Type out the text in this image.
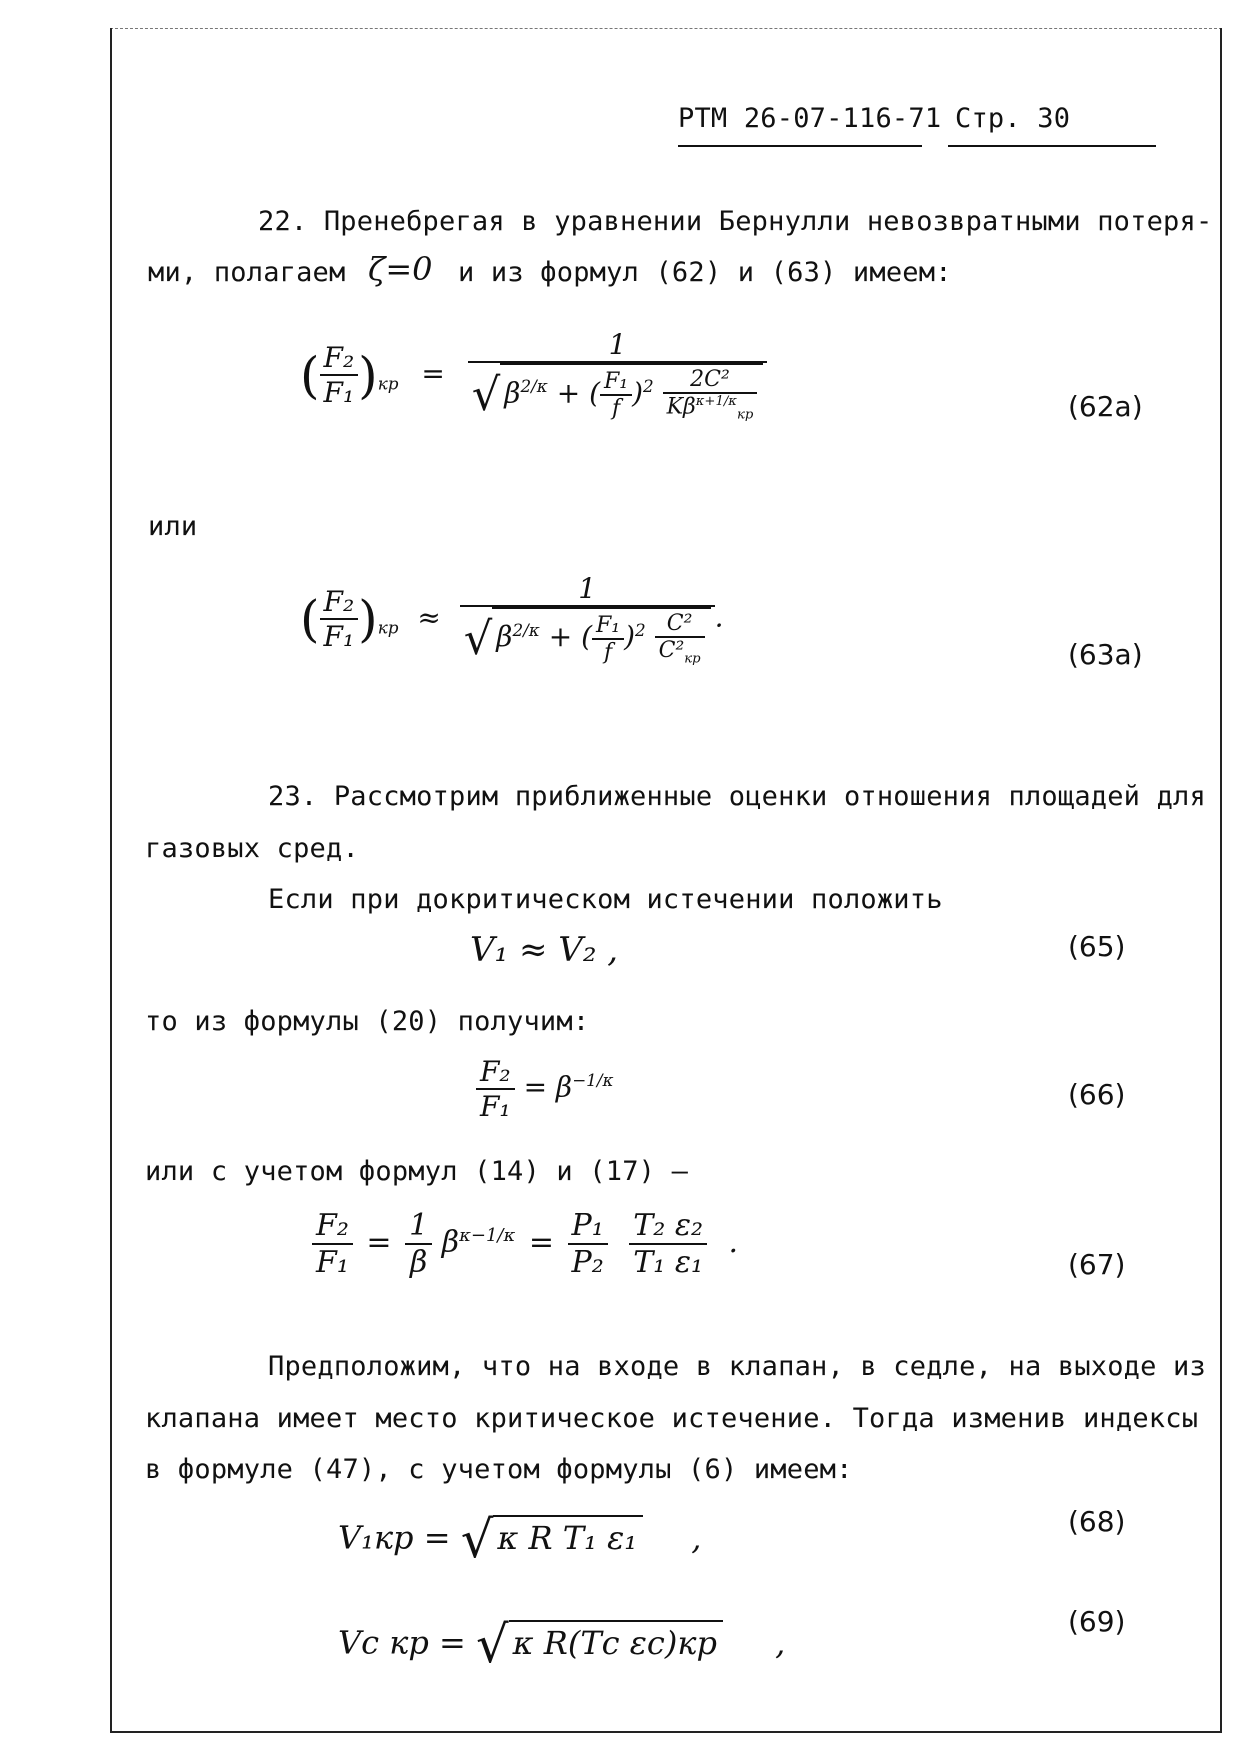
РТМ 26-07-116-71 Стр. 30
22. Пренебрегая в уравнении Бернулли невозвратными потеря-
ми, полагаем ζ=0 и из формул (62) и (63) имеем:
( $\frac{\text{F₂}}{\text{F₁}} )_{кр} = \frac{1}{√ \beta^{2/\kappa} + ( \frac{\text{F₁}}{f} )^2 \frac{\text{2C²}}{K\beta^{\kappa+1/\kappa}_{кр}}}$	(62a)
или
( $\frac{\text{F₂}}{\text{F₁}} )_{кр} \approx \frac{1}{√ \beta^{2/\kappa} + ( \frac{\text{F₁}}{f} )^2 \frac{\text{C²}}{C^2_{кр}}}$ .
(63a)
23. Рассмотрим приближенные оценки отношения площадей для
газовых сред.
Если при докритическом истечении положить
V₁ ≈ V₂ ,	(65)
то из формулы (20) получим:
$\frac{\text{F₂}}{\text{F₁}} = \beta^{-1/\kappa}$	(66)
или с учетом формул (14) и (17) —
$\frac{\text{F₂}}{\text{F₁}} = \frac{1}{\beta} \beta^{\kappa-1/\kappa} = \frac{\text{P₁}}{\text{P₂}}$
$\frac{\text{T₂ ε₂}}{\text{T₁ ε₁}}$ .
(67)
Предположим, что на входе в клапан, в седле, на выходе из
клапана имеет место критическое истечение. Тогда изменив индексы
в формуле (47), с учетом формулы (6) имеем:
V₁кр = √ κ R T₁ ε₁ ,	(68)
Vс кр = √ κ R(Tс εс)кр ,
(69)
